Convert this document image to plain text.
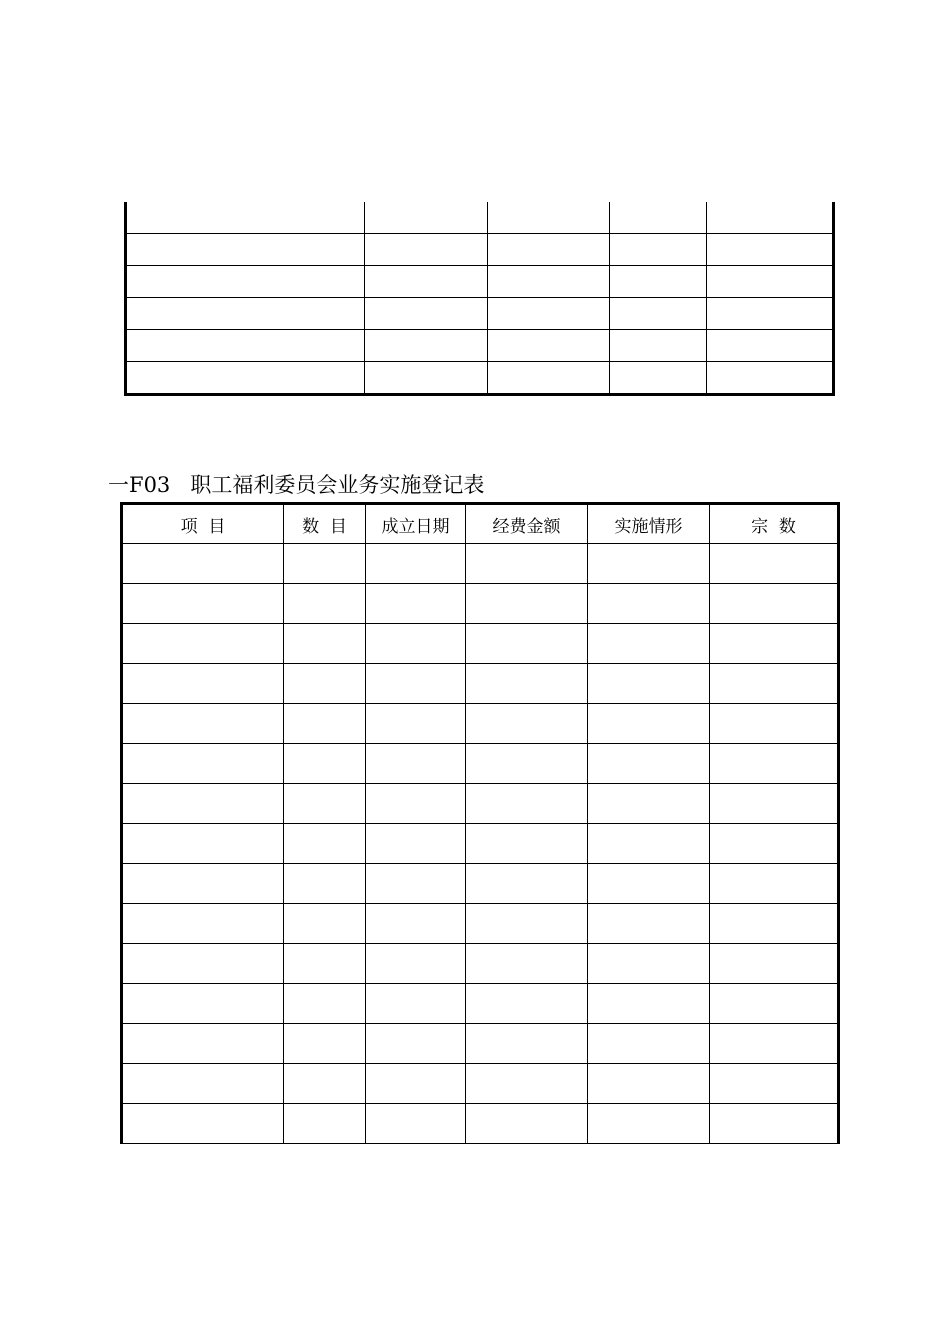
一F03   职工福利委员会业务实施登记表
项  目	数  目	成立日期	经费金额	实施情形	宗  数
